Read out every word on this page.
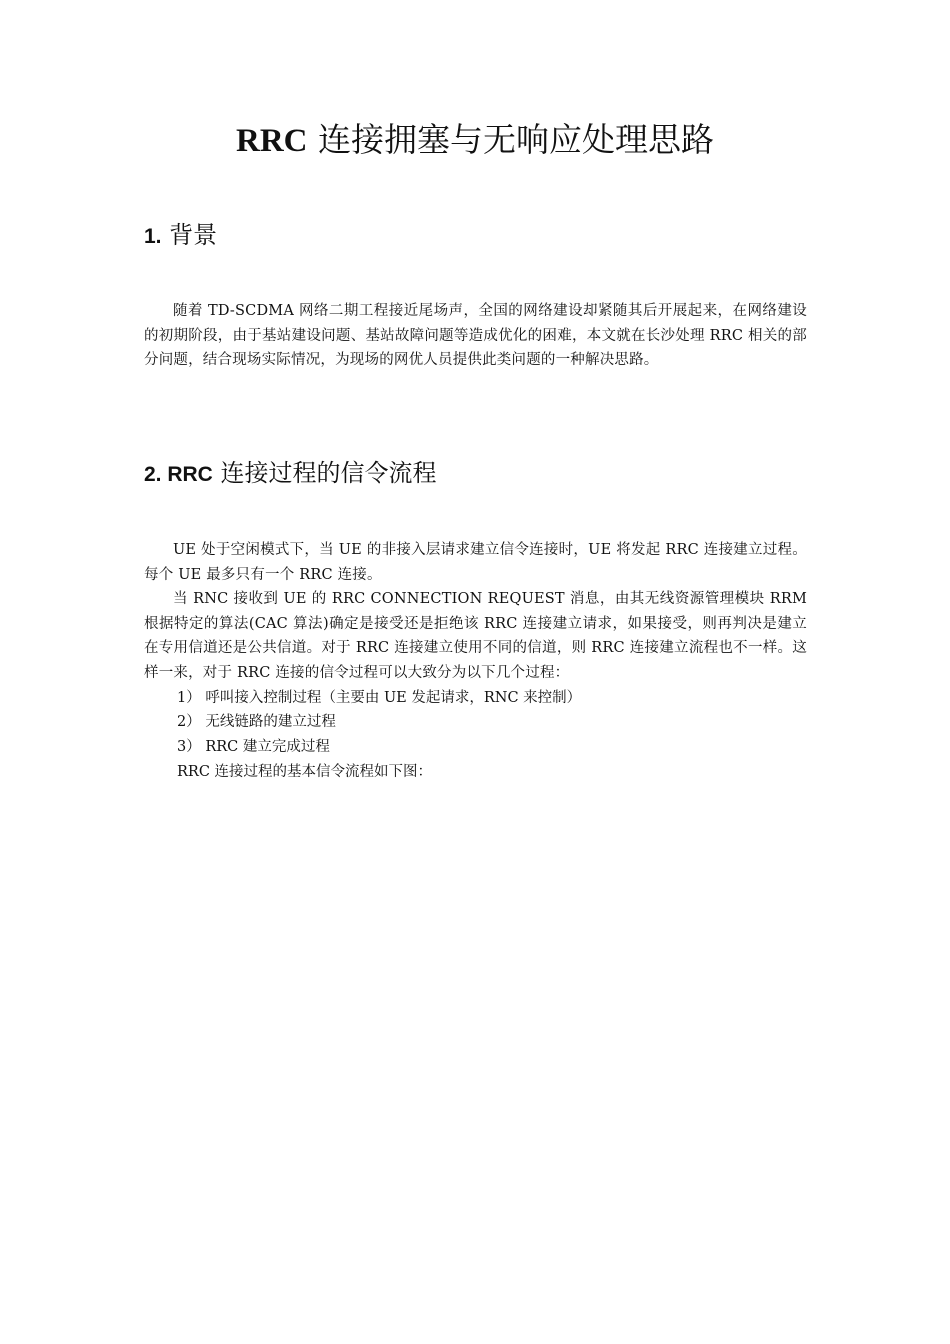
RRC 连接拥塞与无响应处理思路
1. 背景

随着 TD-SCDMA 网络二期工程接近尾场声，全国的网络建设却紧随其后开展起来，在网络建设的初期阶段，由于基站建设问题、基站故障问题等造成优化的困难，本文就在长沙处理 RRC 相关的部分问题，结合现场实际情况，为现场的网优人员提供此类问题的一种解决思路。

2. RRC 连接过程的信令流程

UE 处于空闲模式下，当 UE 的非接入层请求建立信令连接时，UE 将发起 RRC 连接建立过程。每个 UE 最多只有一个 RRC 连接。

当 RNC 接收到 UE 的 RRC CONNECTION REQUEST 消息，由其无线资源管理模块 RRM 根据特定的算法(CAC 算法)确定是接受还是拒绝该 RRC 连接建立请求，如果接受，则再判决是建立在专用信道还是公共信道。对于 RRC 连接建立使用不同的信道，则 RRC 连接建立流程也不一样。这样一来，对于 RRC 连接的信令过程可以大致分为以下几个过程：

1） 呼叫接入控制过程（主要由 UE 发起请求，RNC 来控制）

2） 无线链路的建立过程

3） RRC 建立完成过程

RRC 连接过程的基本信令流程如下图：
